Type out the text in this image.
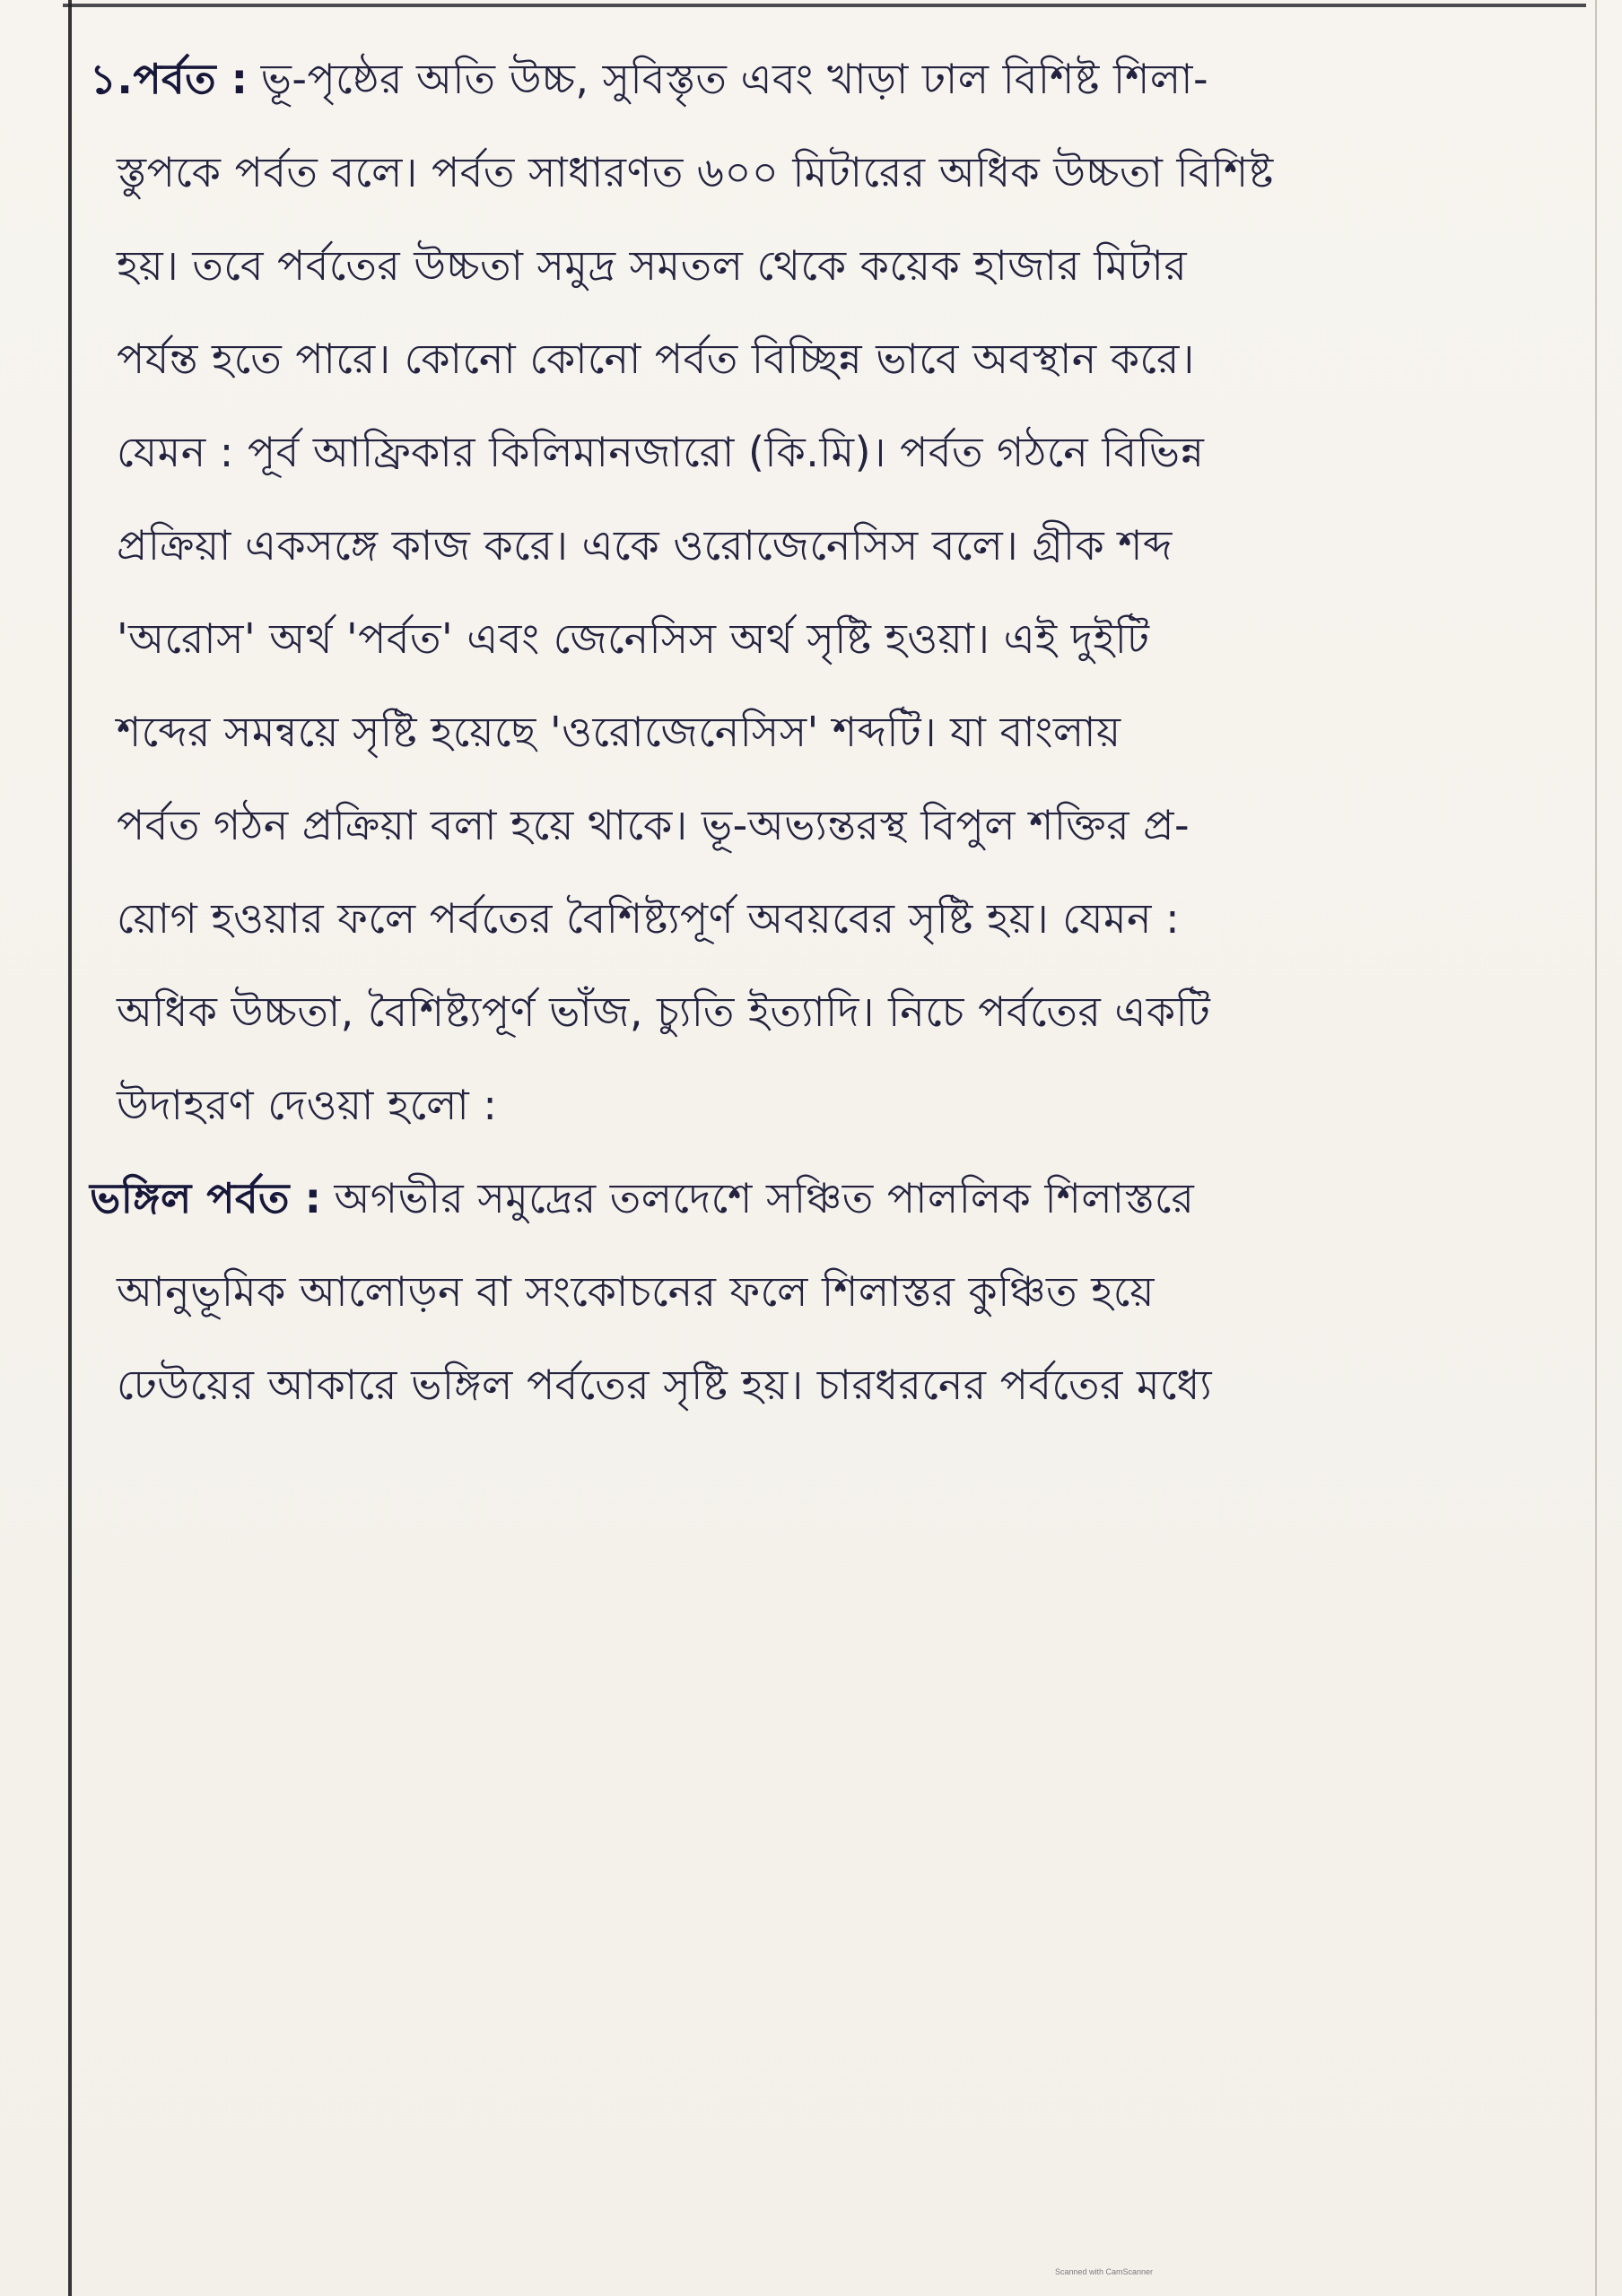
১.পর্বত : ভূ-পৃষ্ঠের অতি উচ্চ, সুবিস্তৃত এবং খাড়া ঢাল বিশিষ্ট শিলা-
স্তুপকে পর্বত বলে। পর্বত সাধারণত ৬০০ মিটারের অধিক উচ্চতা বিশিষ্ট
হয়। তবে পর্বতের উচ্চতা সমুদ্র সমতল থেকে কয়েক হাজার মিটার
পর্যন্ত হতে পারে। কোনো কোনো পর্বত বিচ্ছিন্ন ভাবে অবস্থান করে।
যেমন : পূর্ব আফ্রিকার কিলিমানজারো (কি.মি)। পর্বত গঠনে বিভিন্ন
প্রক্রিয়া একসঙ্গে কাজ করে। একে ওরোজেনেসিস বলে। গ্রীক শব্দ
'অরোস' অর্থ 'পর্বত' এবং জেনেসিস অর্থ সৃষ্টি হওয়া। এই দুইটি
শব্দের সমন্বয়ে সৃষ্টি হয়েছে 'ওরোজেনেসিস' শব্দটি। যা বাংলায়
পর্বত গঠন প্রক্রিয়া বলা হয়ে থাকে। ভূ-অভ্যন্তরস্থ বিপুল শক্তির প্র-
য়োগ হওয়ার ফলে পর্বতের বৈশিষ্ট্যপূর্ণ অবয়বের সৃষ্টি হয়। যেমন :
অধিক উচ্চতা, বৈশিষ্ট্যপূর্ণ ভাঁজ, চ্যুতি ইত্যাদি। নিচে পর্বতের একটি
উদাহরণ দেওয়া হলো :
ভঙ্গিল পর্বত : অগভীর সমুদ্রের তলদেশে সঞ্চিত পাললিক শিলাস্তরে
আনুভূমিক আলোড়ন বা সংকোচনের ফলে শিলাস্তর কুঞ্চিত হয়ে
ঢেউয়ের আকারে ভঙ্গিল পর্বতের সৃষ্টি হয়। চারধরনের পর্বতের মধ্যে
Scanned with CamScanner
